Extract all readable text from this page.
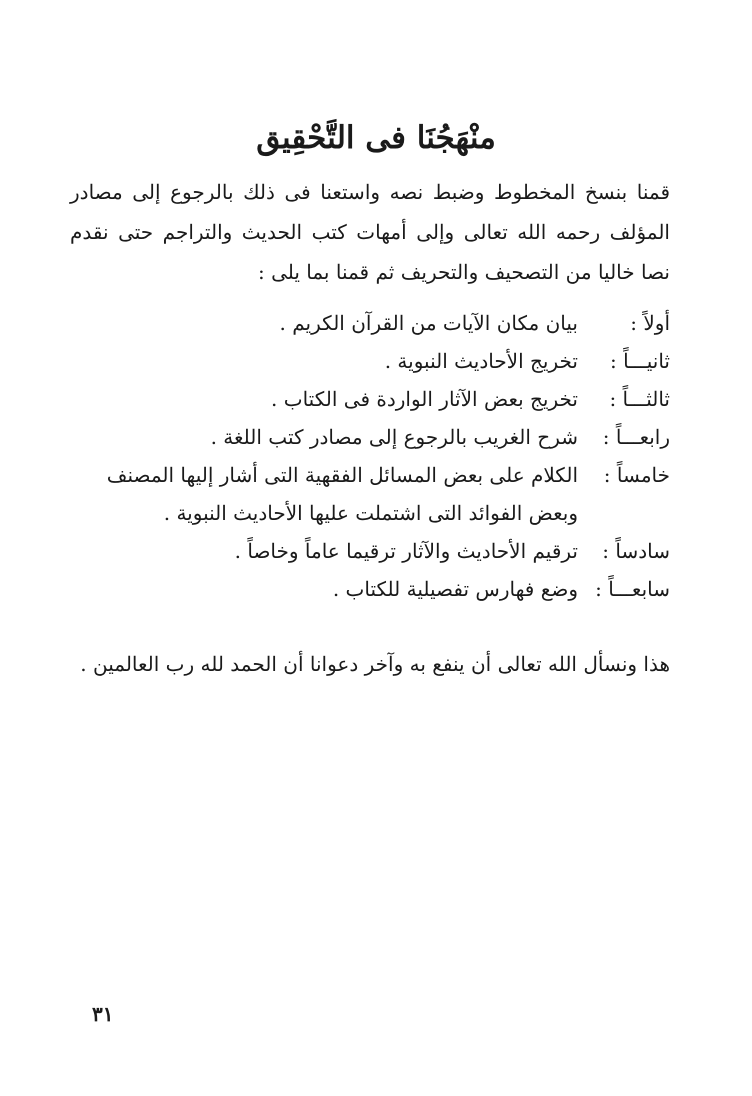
منْهَجُنَا فى التَّحْقِيق

قمنا بنسخ المخطوط وضبط نصه واستعنا فى ذلك بالرجوع إلى مصادر المؤلف رحمه الله تعالى وإلى أمهات كتب الحديث والتراجم حتى نقدم نصا خاليا من التصحيف والتحريف ثم قمنا بما يلى :

أولاً :
بيان مكان الآيات من القرآن الكريم .
ثانيـــاً :
تخريج الأحاديث النبوية .
ثالثـــاً :
تخريج بعض الآثار الواردة فى الكتاب .
رابعـــاً :
شرح الغريب بالرجوع إلى مصادر كتب اللغة .
خامساً :
الكلام على بعض المسائل الفقهية التى أشار إليها المصنف وبعض الفوائد التى اشتملت عليها الأحاديث النبوية .
سادساً :
ترقيم الأحاديث والآثار ترقيما عاماً وخاصاً .
سابعـــاً :
وضع فهارس تفصيلية للكتاب .

هذا ونسأل الله تعالى أن ينفع به وآخر دعوانا أن الحمد لله رب العالمين .

٣١
